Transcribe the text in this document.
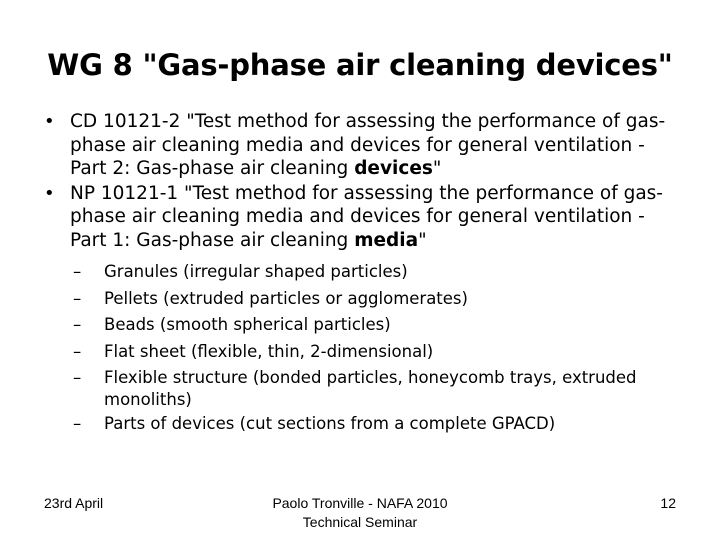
WG 8 "Gas-phase air cleaning devices"
• CD 10121-2 "Test method for assessing the performance of gas-phase air cleaning media and devices for general ventilation - Part 2: Gas-phase air cleaning devices"
• NP 10121-1 "Test method for assessing the performance of gas-phase air cleaning media and devices for general ventilation - Part 1: Gas-phase air cleaning media"
– Granules (irregular shaped particles)
– Pellets (extruded particles or agglomerates)
– Beads (smooth spherical particles)
– Flat sheet (flexible, thin, 2-dimensional)
– Flexible structure (bonded particles, honeycomb trays, extruded monoliths)
– Parts of devices (cut sections from a complete GPACD)
23rd April	Paolo Tronville - NAFA 2010
Technical Seminar
12
